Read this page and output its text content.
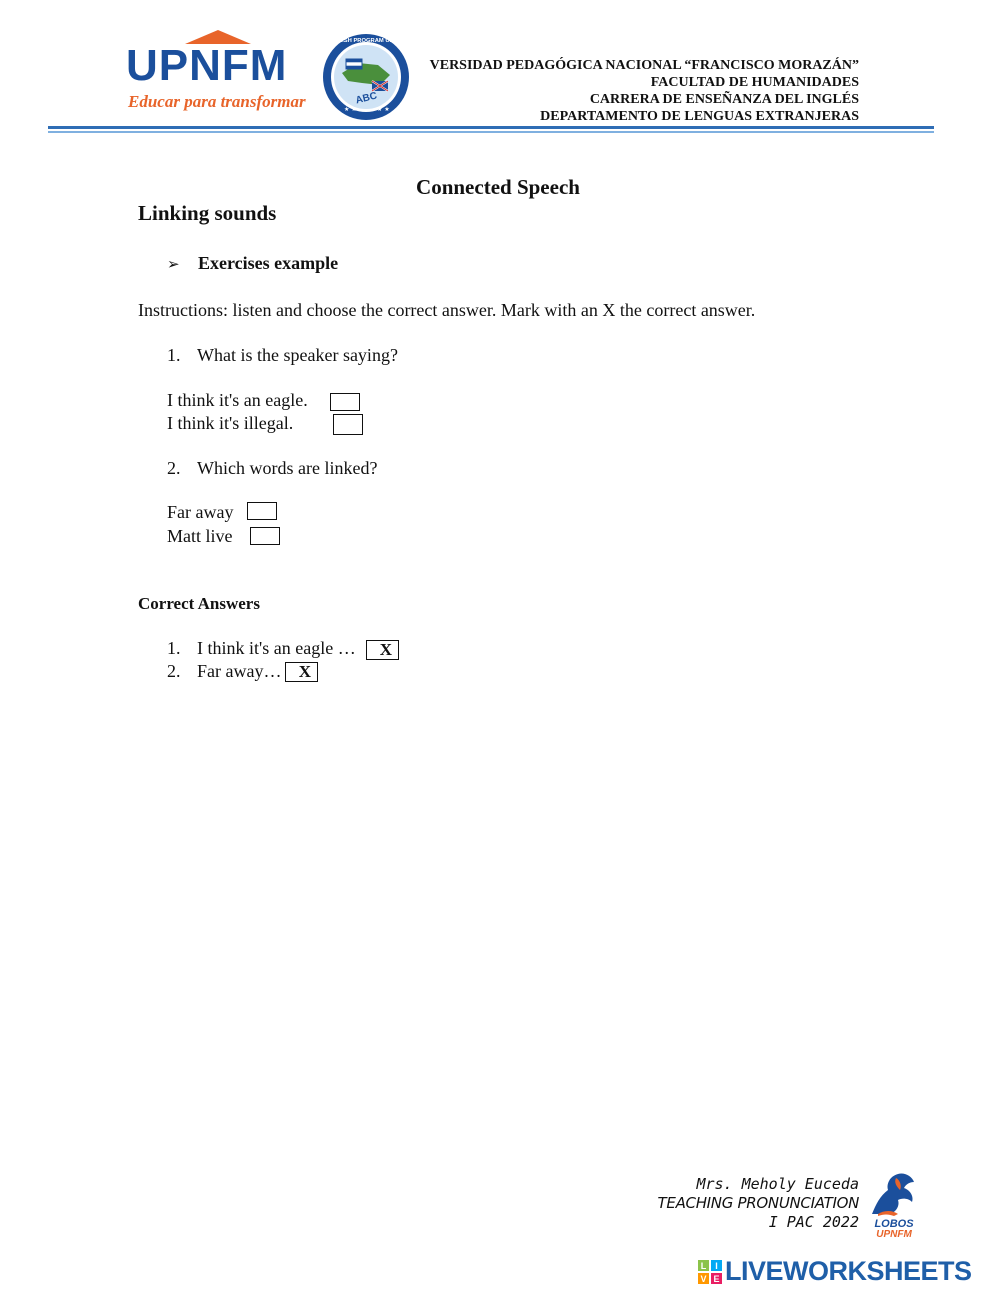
UPNFM
Educar para transformar	ABC
ENGLISH PROGRAM UPNFM
★ ★	★ ★
VERSIDAD PEDAGÓGICA NACIONAL “FRANCISCO MORAZÁN”
FACULTAD DE HUMANIDADES
CARRERA DE ENSEÑANZA DEL INGLÉS
DEPARTAMENTO DE LENGUAS EXTRANJERAS
Connected Speech
Linking sounds
➢ Exercises example
Instructions: listen and choose the correct answer. Mark with an X the correct answer.
1. What is the speaker saying?
I think it's an eagle.
I think it's illegal.
2. Which words are linked?
Far away
Matt live
Correct Answers
1. I think it's an eagle …	X
2. Far away…	X
Mrs. Meholy Euceda
TEACHING PRONUNCIATION
I PAC 2022 LOBOS
UPNFM
L I
V E LIVEWORKSHEETS
